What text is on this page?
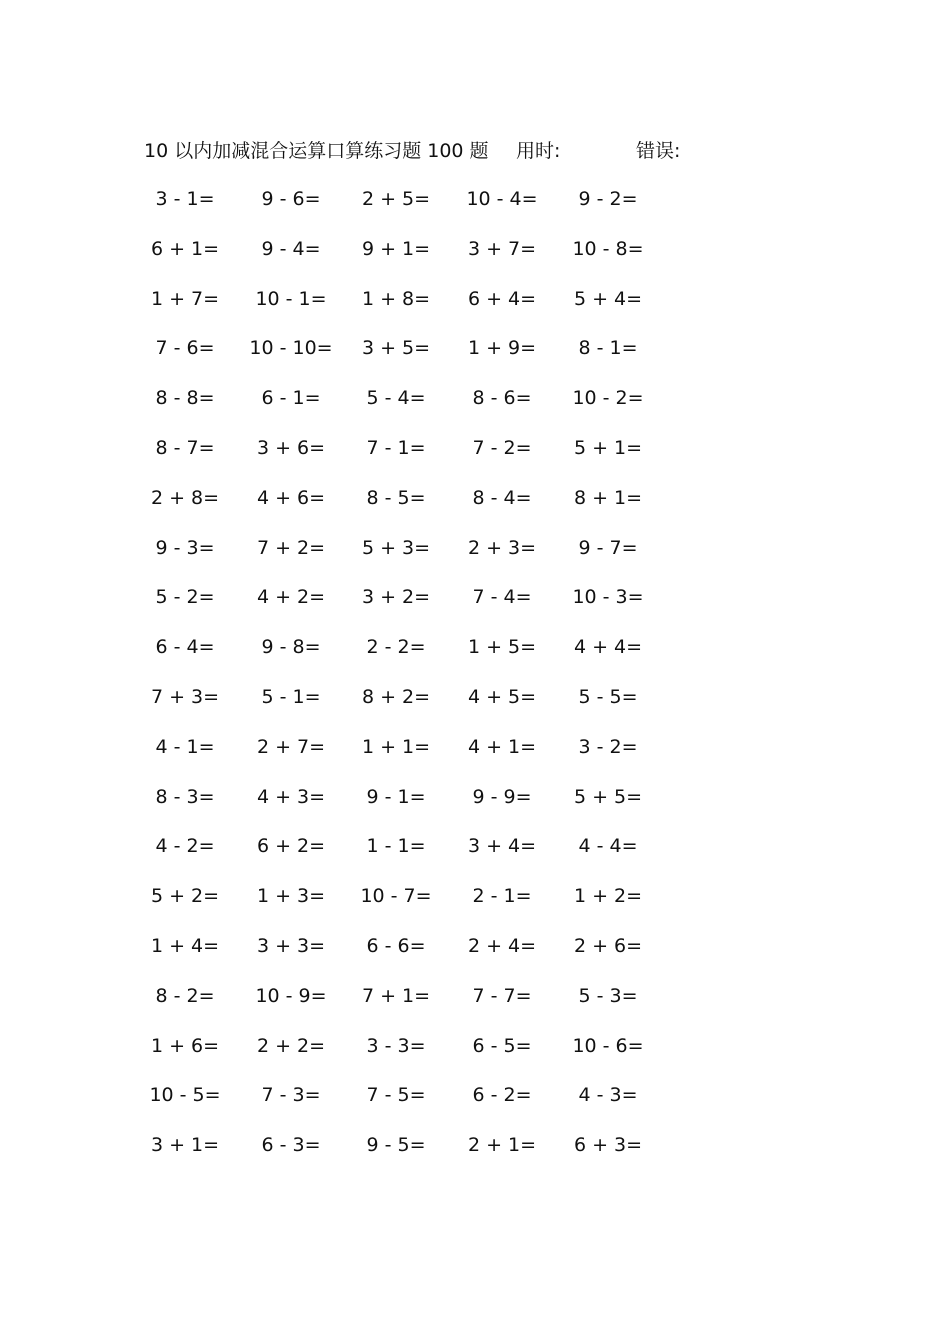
10 以内加减混合运算口算练习题 100 题 用时:	错误:
3 - 1=	9 - 6=	2 + 5=	10 - 4=	9 - 2=
6 + 1=	9 - 4=	9 + 1=	3 + 7=	10 - 8=
1 + 7=	10 - 1=	1 + 8=	6 + 4=	5 + 4=
7 - 6=	10 - 10=	3 + 5=	1 + 9=	8 - 1=
8 - 8=	6 - 1=	5 - 4=	8 - 6=	10 - 2=
8 - 7=	3 + 6=	7 - 1=	7 - 2=	5 + 1=
2 + 8=	4 + 6=	8 - 5=	8 - 4=	8 + 1=
9 - 3=	7 + 2=	5 + 3=	2 + 3=	9 - 7=
5 - 2=	4 + 2=	3 + 2=	7 - 4=	10 - 3=
6 - 4=	9 - 8=	2 - 2=	1 + 5=	4 + 4=
7 + 3=	5 - 1=	8 + 2=	4 + 5=	5 - 5=
4 - 1=	2 + 7=	1 + 1=	4 + 1=	3 - 2=
8 - 3=	4 + 3=	9 - 1=	9 - 9=	5 + 5=
4 - 2=	6 + 2=	1 - 1=	3 + 4=	4 - 4=
5 + 2=	1 + 3=	10 - 7=	2 - 1=	1 + 2=
1 + 4=	3 + 3=	6 - 6=	2 + 4=	2 + 6=
8 - 2=	10 - 9=	7 + 1=	7 - 7=	5 - 3=
1 + 6=	2 + 2=	3 - 3=	6 - 5=	10 - 6=
10 - 5=	7 - 3=	7 - 5=	6 - 2=	4 - 3=
3 + 1=	6 - 3=	9 - 5=	2 + 1=	6 + 3=
